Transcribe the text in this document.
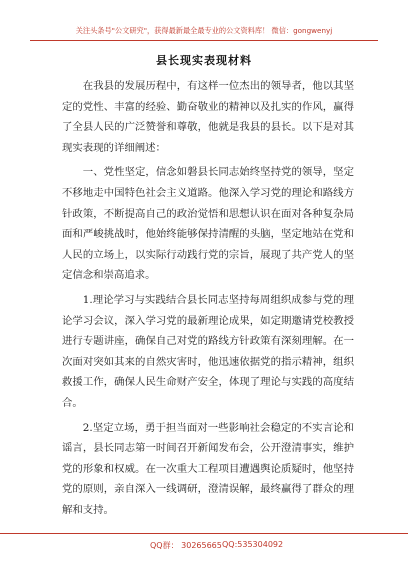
关注头条号"公文研究"，获得最新最全最专业的公文资料库！ 微信：gongwenyj
县长现实表现材料

在我县的发展历程中，有这样一位杰出的领导者，他以其坚定的党性、丰富的经验、勤奋敬业的精神以及扎实的作风，赢得了全县人民的广泛赞誉和尊敬，他就是我县的县长。以下是对其现实表现的详细阐述：

一、党性坚定，信念如磐县长同志始终坚持党的领导，坚定不移地走中国特色社会主义道路。他深入学习党的理论和路线方针政策，不断提高自己的政治觉悟和思想认识在面对各种复杂局面和严峻挑战时，他始终能够保持清醒的头脑，坚定地站在党和人民的立场上，以实际行动践行党的宗旨，展现了共产党人的坚定信念和崇高追求。

1.理论学习与实践结合县长同志坚持每周组织成参与党的理论学习会议，深入学习党的最新理论成果，如定期邀请党校教授进行专题讲座，确保自己对党的路线方针政策有深刻理解。在一次面对突如其来的自然灾害时，他迅速依据党的指示精神，组织救援工作，确保人民生命财产安全，体现了理论与实践的高度结合。

2.坚定立场，勇于担当面对一些影响社会稳定的不实言论和谣言，县长同志第一时间召开新闻发布会，公开澄清事实，维护党的形象和权威。在一次重大工程项目遭遇舆论质疑时，他坚持党的原则，亲自深入一线调研，澄清误解，最终赢得了群众的理解和支持。

QQ群： 30265665 QQ:535304092
